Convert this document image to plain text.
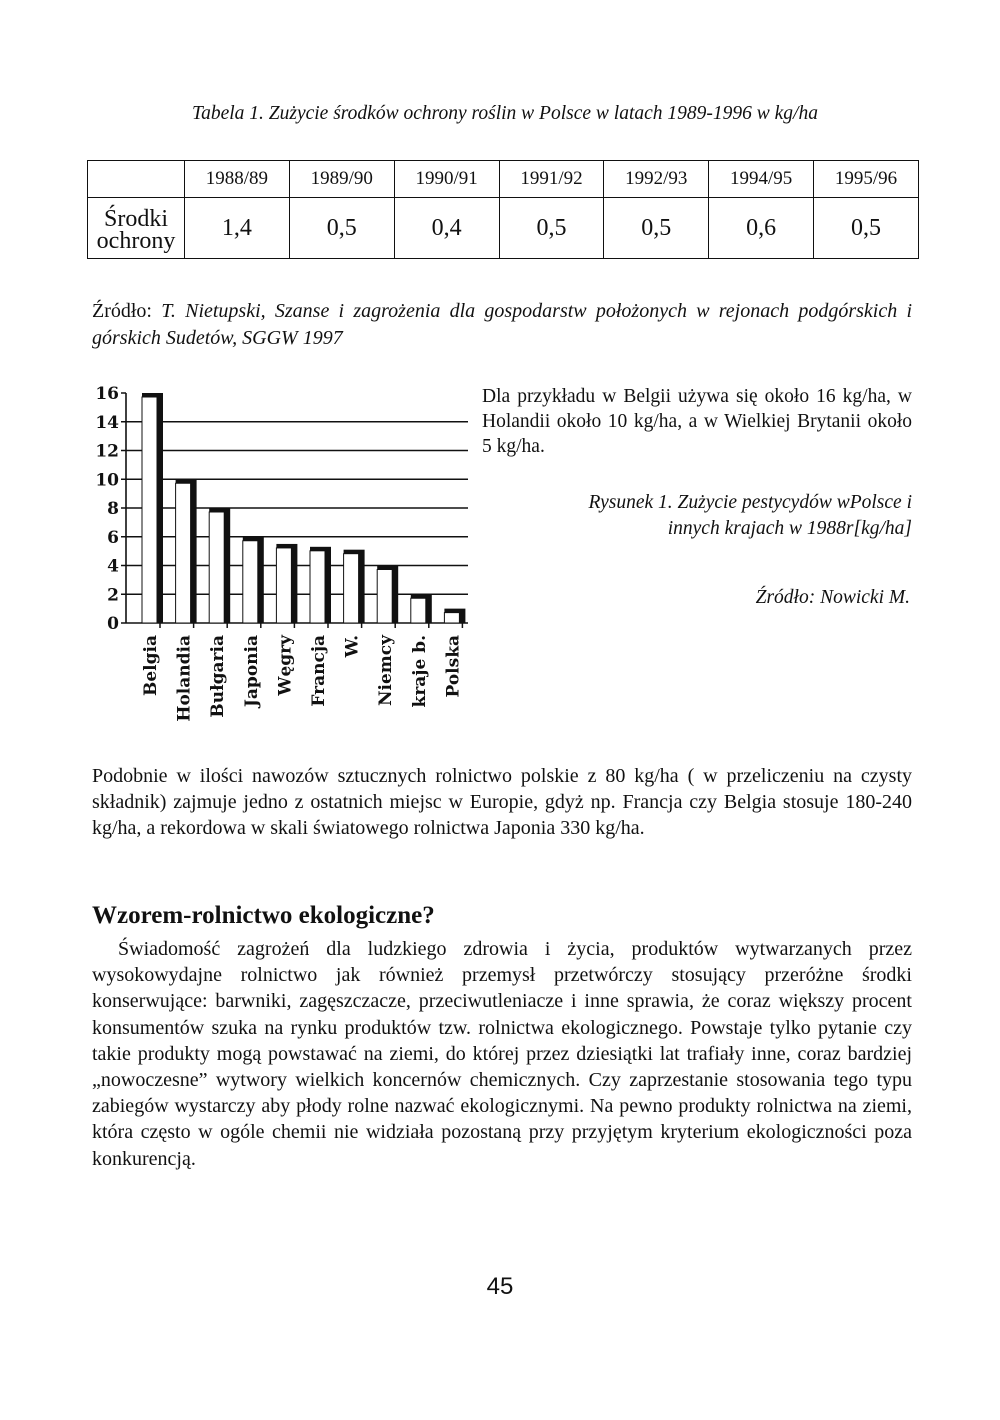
Tabela 1. Zużycie środków ochrony roślin w Polsce w latach 1989-1996 w kg/ha
	1988/89	1989/90	1990/91	1991/92	1992/93	1994/95	1995/96

Środki
ochrony	1,4	0,5	0,4	0,5	0,5	0,6	0,5
Źródło: T. Nietupski, Szanse i zagrożenia dla gospodarstw położonych w rejonach podgórskich i górskich Sudetów, SGGW 1997
0
2
4
6
8
10
12
14
16
Belgia Holandia Bułgaria Japonia Węgry Francja W. Niemcy kraje b. Polska
Dla przykładu w Belgii używa się około 16 kg/ha, w Holandii około 10 kg/ha, a w Wielkiej Brytanii około 5 kg/ha.
Rysunek 1. Zużycie pestycydów wPolsce i
innych krajach w 1988r[kg/ha]
Źródło: Nowicki M.
Podobnie w ilości nawozów sztucznych rolnictwo polskie z 80 kg/ha ( w przeliczeniu na czysty składnik) zajmuje jedno z ostatnich miejsc w Europie, gdyż np. Francja czy Belgia stosuje 180-240 kg/ha, a rekordowa w skali światowego rolnictwa Japonia 330 kg/ha.
Wzorem-rolnictwo ekologiczne?
Świadomość zagrożeń dla ludzkiego zdrowia i życia, produktów wytwarzanych przez wysokowydajne rolnictwo jak również przemysł przetwórczy stosujący przeróżne środki konserwujące: barwniki, zagęszczacze, przeciwutleniacze i inne sprawia, że coraz większy procent konsumentów szuka na rynku produktów tzw. rolnictwa ekologicznego. Powstaje tylko pytanie czy takie produkty mogą powstawać na ziemi, do której przez dziesiątki lat trafiały inne, coraz bardziej „nowoczesne” wytwory wielkich koncernów chemicznych. Czy zaprzestanie stosowania tego typu zabiegów wystarczy aby płody rolne nazwać ekologicznymi. Na pewno produkty rolnictwa na ziemi, która często w ogóle chemii nie widziała pozostaną przy przyjętym kryterium ekologiczności poza konkurencją.
45
